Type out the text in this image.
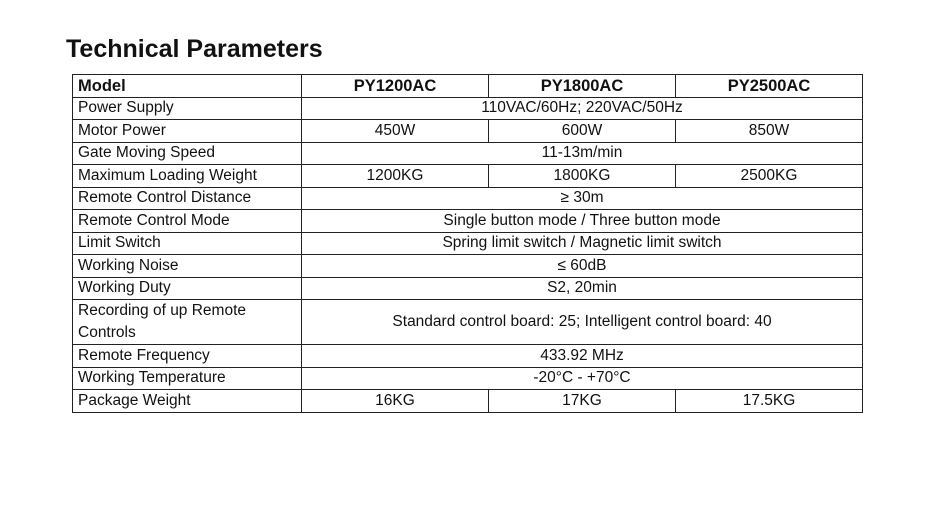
Technical Parameters
Model	PY1200AC	PY1800AC	PY2500AC
Power Supply	110VAC/60Hz; 220VAC/50Hz		
Motor Power	450W	600W	850W
Gate Moving Speed	11-13m/min		
Maximum Loading Weight	1200KG	1800KG	2500KG
Remote Control Distance	≥ 30m		
Remote Control Mode	Single button mode / Three button mode		
Limit Switch	Spring limit switch / Magnetic limit switch		
Working Noise	≤ 60dB		
Working Duty	S2, 20min		
Recording of up Remote Controls	Standard control board: 25; Intelligent control board: 40		
Remote Frequency	433.92 MHz		
Working Temperature	-20°C - +70°C		
Package Weight	16KG	17KG	17.5KG
